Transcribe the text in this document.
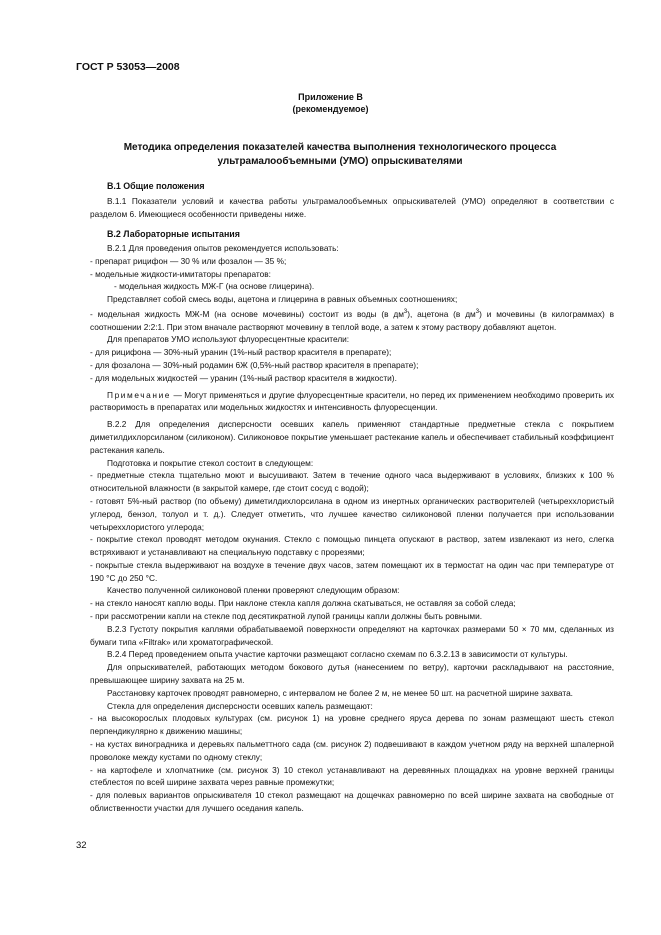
ГОСТ Р 53053—2008
Приложение В
(рекомендуемое)
Методика определения показателей качества выполнения технологического процесса ультрамалообъемными (УМО) опрыскивателями
В.1 Общие положения

В.1.1 Показатели условий и качества работы ультрамалообъемных опрыскивателей (УМО) определяют в соответствии с разделом 6. Имеющиеся особенности приведены ниже.

В.2 Лабораторные испытания

В.2.1 Для проведения опытов рекомендуется использовать:

- препарат рицифон — 30 % или фозалон — 35 %;

- модельные жидкости-имитаторы препаратов:

- модельная жидкость МЖ-Г (на основе глицерина).

Представляет собой смесь воды, ацетона и глицерина в равных объемных соотношениях;

- модельная жидкость МЖ-М (на основе мочевины) состоит из воды (в $дм^3$), ацетона (в $дм^3$) и мочевины (в килограммах) в соотношении 2:2:1. При этом вначале растворяют мочевину в теплой воде, а затем к этому раствору добавляют ацетон.

Для препаратов УМО используют флуоресцентные красители:

- для рицифона — 30%-ный уранин (1%-ный раствор красителя в препарате);

- для фозалона — 30%-ный родамин 6Ж (0,5%-ный раствор красителя в препарате);

- для модельных жидкостей — уранин (1%-ный раствор красителя в жидкости).

Примечание — Могут применяться и другие флуоресцентные красители, но перед их применением необходимо проверить их растворимость в препаратах или модельных жидкостях и интенсивность флуоресценции.

В.2.2 Для определения дисперсности осевших капель применяют стандартные предметные стекла с покрытием диметилдихлорсиланом (силиконом). Силиконовое покрытие уменьшает растекание капель и обеспечивает стабильный коэффициент растекания капель.

Подготовка и покрытие стекол состоит в следующем:

- предметные стекла тщательно моют и высушивают. Затем в течение одного часа выдерживают в условиях, близких к 100 % относительной влажности (в закрытой камере, где стоит сосуд с водой);

- готовят 5%-ный раствор (по объему) диметилдихлорсилана в одном из инертных органических растворителей (четыреххлористый углерод, бензол, толуол и т. д.). Следует отметить, что лучшее качество силиконовой пленки получается при использовании четыреххлористого углерода;

- покрытие стекол проводят методом окунания. Стекло с помощью пинцета опускают в раствор, затем извлекают из него, слегка встряхивают и устанавливают на специальную подставку с прорезями;

- покрытые стекла выдерживают на воздухе в течение двух часов, затем помещают их в термостат на один час при температуре от 190 °С до 250 °С.

Качество полученной силиконовой пленки проверяют следующим образом:

- на стекло наносят каплю воды. При наклоне стекла капля должна скатываться, не оставляя за собой следа;

- при рассмотрении капли на стекле под десятикратной лупой границы капли должны быть ровными.

В.2.3 Густоту покрытия каплями обрабатываемой поверхности определяют на карточках размерами 50 × 70 мм, сделанных из бумаги типа «Filtrak» или хроматографической.

В.2.4 Перед проведением опыта участие карточки размещают согласно схемам по 6.3.2.13 в зависимости от культуры.

Для опрыскивателей, работающих методом бокового дутья (нанесением по ветру), карточки раскладывают на расстояние, превышающее ширину захвата на 25 м.

Расстановку карточек проводят равномерно, с интервалом не более 2 м, не менее 50 шт. на расчетной ширине захвата.

Стекла для определения дисперсности осевших капель размещают:

- на высокорослых плодовых культурах (см. рисунок 1) на уровне среднего яруса дерева по зонам размещают шесть стекол перпендикулярно к движению машины;

- на кустах виноградника и деревьях пальметтного сада (см. рисунок 2) подвешивают в каждом учетном ряду на верхней шпалерной проволоке между кустами по одному стеклу;

- на картофеле и хлопчатнике (см. рисунок 3) 10 стекол устанавливают на деревянных площадках на уровне верхней границы стеблестоя по всей ширине захвата через равные промежутки;

- для полевых вариантов опрыскивателя 10 стекол размещают на дощечках равномерно по всей ширине захвата на свободные от облиственности участки для лучшего оседания капель.

32
